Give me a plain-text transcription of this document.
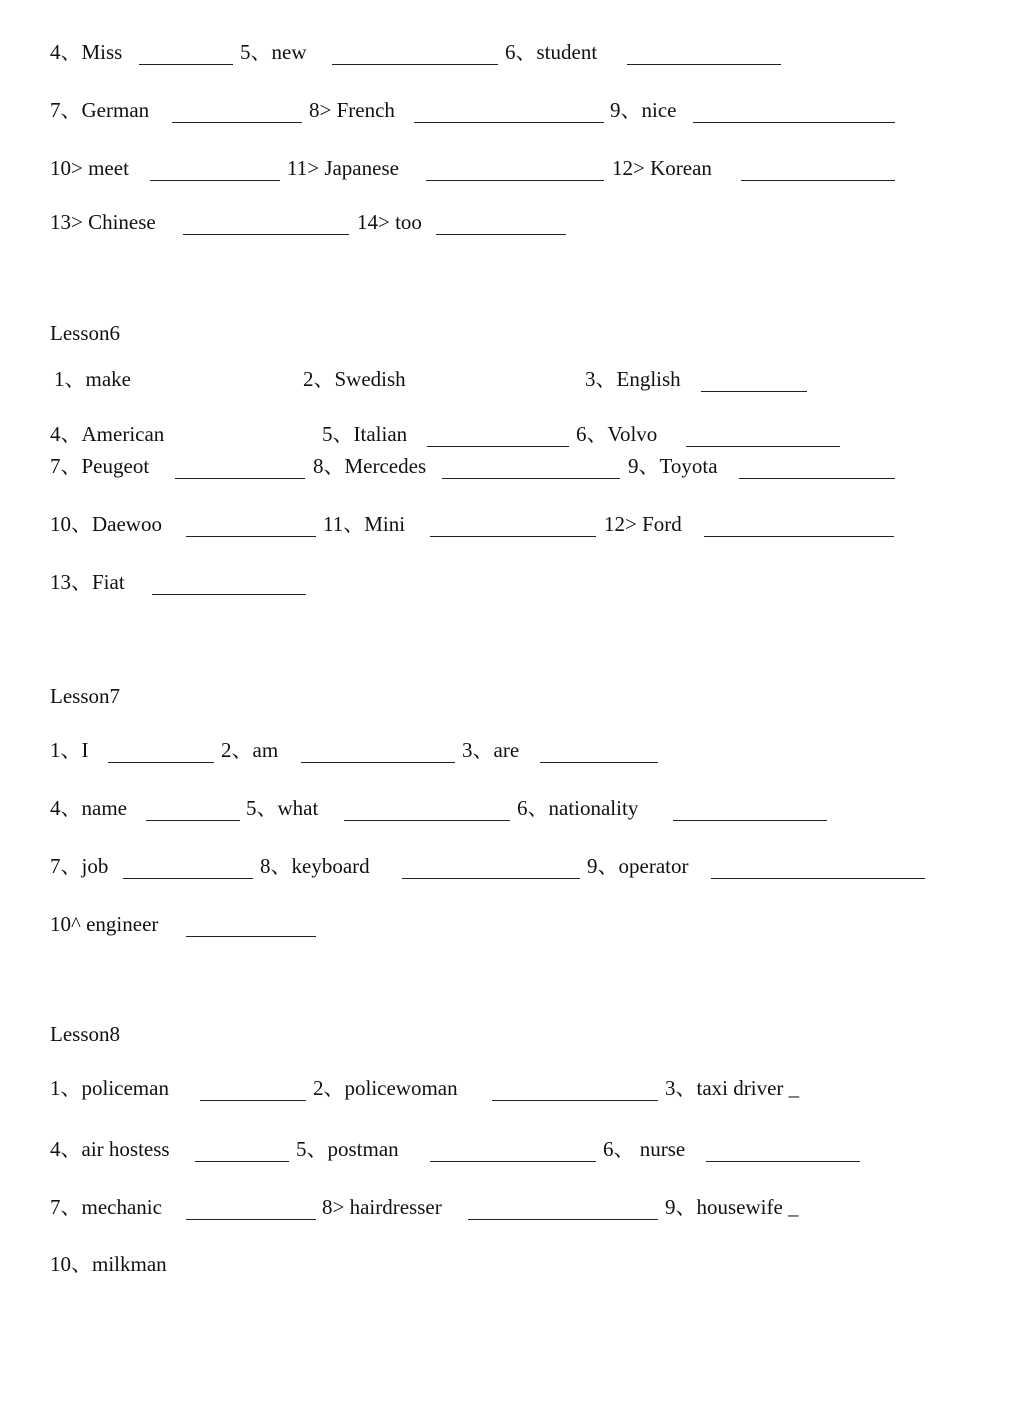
4、Miss	5、new	6、student
7、German	8> French	9、nice
10> meet	11> Japanese	12> Korean
13> Chinese	14> too
Lesson6
1、make	2、Swedish	3、English
4、American	5、Italian	6、Volvo
7、Peugeot	8、Mercedes	9、Toyota
10、Daewoo	11、Mini	12> Ford
13、Fiat
Lesson7
1、I	2、am	3、are
4、name	5、what	6、nationality
7、job	8、keyboard	9、operator
10^ engineer
Lesson8
1、policeman	2、policewoman	3、taxi driver _
4、air hostess	5、postman	6、 nurse
7、mechanic	8> hairdresser	9、housewife _
10、milkman
